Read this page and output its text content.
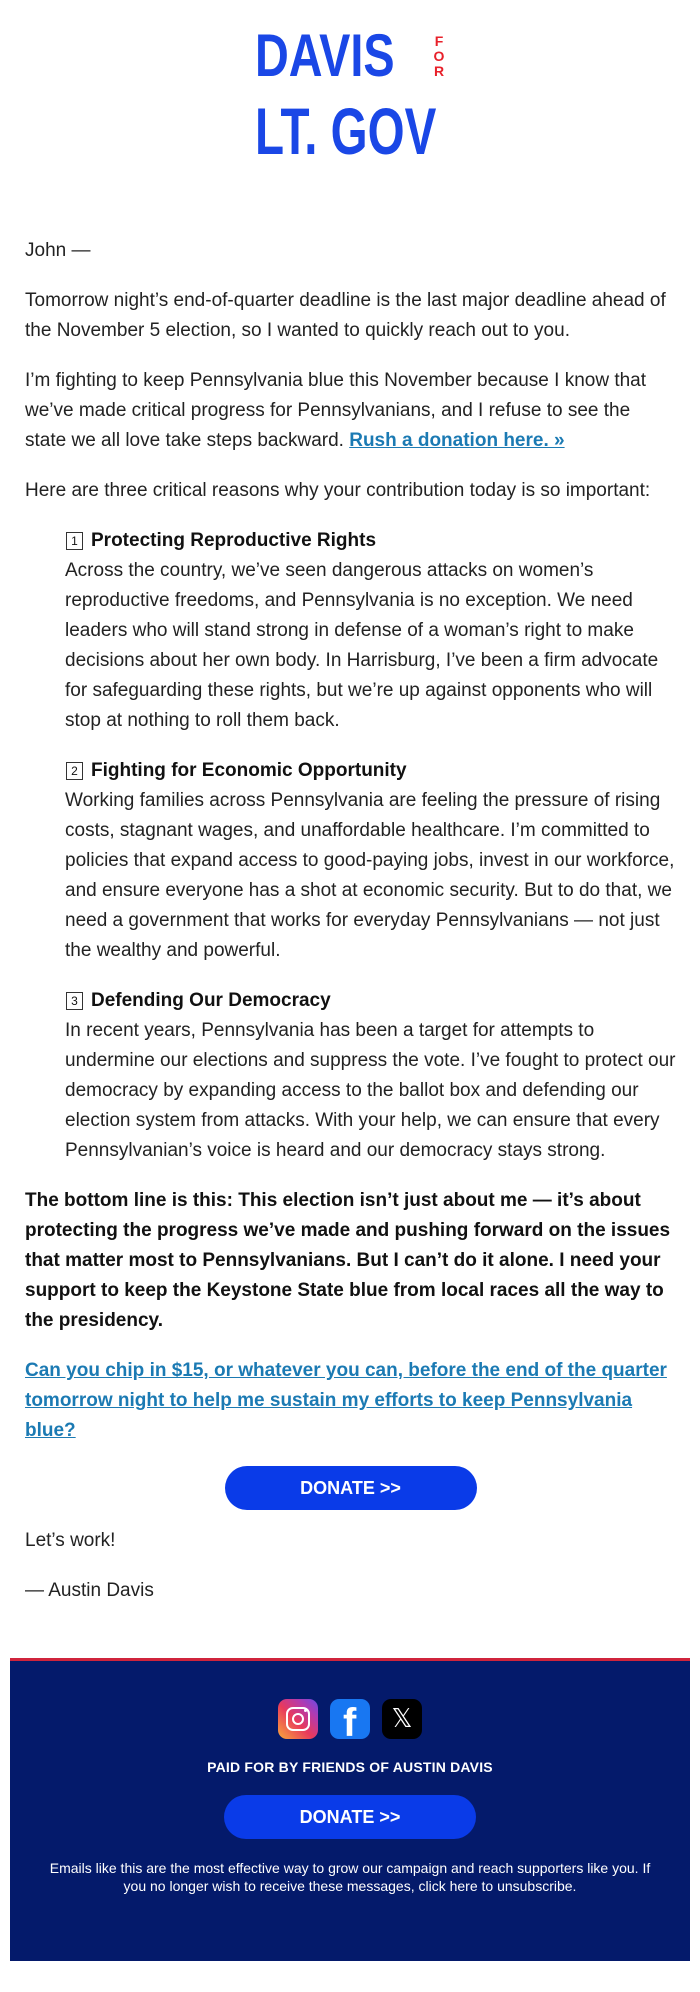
DAVIS	F
O
R
LT. GOV

John —

Tomorrow night’s end-of-quarter deadline is the last major deadline ahead of the November 5 election, so I wanted to quickly reach out to you.

I’m fighting to keep Pennsylvania blue this November because I know that we’ve made critical progress for Pennsylvanians, and I refuse to see the state we all love take steps backward. Rush a donation here. »

Here are three critical reasons why your contribution today is so important:

1 Protecting Reproductive Rights

Across the country, we’ve seen dangerous attacks on women’s reproductive freedoms, and Pennsylvania is no exception. We need leaders who will stand strong in defense of a woman’s right to make decisions about her own body. In Harrisburg, I’ve been a firm advocate for safeguarding these rights, but we’re up against opponents who will stop at nothing to roll them back.

2 Fighting for Economic Opportunity

Working families across Pennsylvania are feeling the pressure of rising costs, stagnant wages, and unaffordable healthcare. I’m committed to policies that expand access to good-paying jobs, invest in our workforce, and ensure everyone has a shot at economic security. But to do that, we need a government that works for everyday Pennsylvanians — not just the wealthy and powerful.

3 Defending Our Democracy

In recent years, Pennsylvania has been a target for attempts to undermine our elections and suppress the vote. I’ve fought to protect our democracy by expanding access to the ballot box and defending our election system from attacks. With your help, we can ensure that every Pennsylvanian’s voice is heard and our democracy stays strong.

The bottom line is this: This election isn’t just about me — it’s about protecting the progress we’ve made and pushing forward on the issues that matter most to Pennsylvanians. But I can’t do it alone. I need your support to keep the Keystone State blue from local races all the way to the presidency.

Can you chip in $15, or whatever you can, before the end of the quarter tomorrow night to help me sustain my efforts to keep Pennsylvania blue?

DONATE >>

Let’s work!

— Austin Davis

f	𝕏
PAID FOR BY FRIENDS OF AUSTIN DAVIS
DONATE >>
Emails like this are the most effective way to grow our campaign and reach supporters like you. If you no longer wish to receive these messages, click here to unsubscribe.
